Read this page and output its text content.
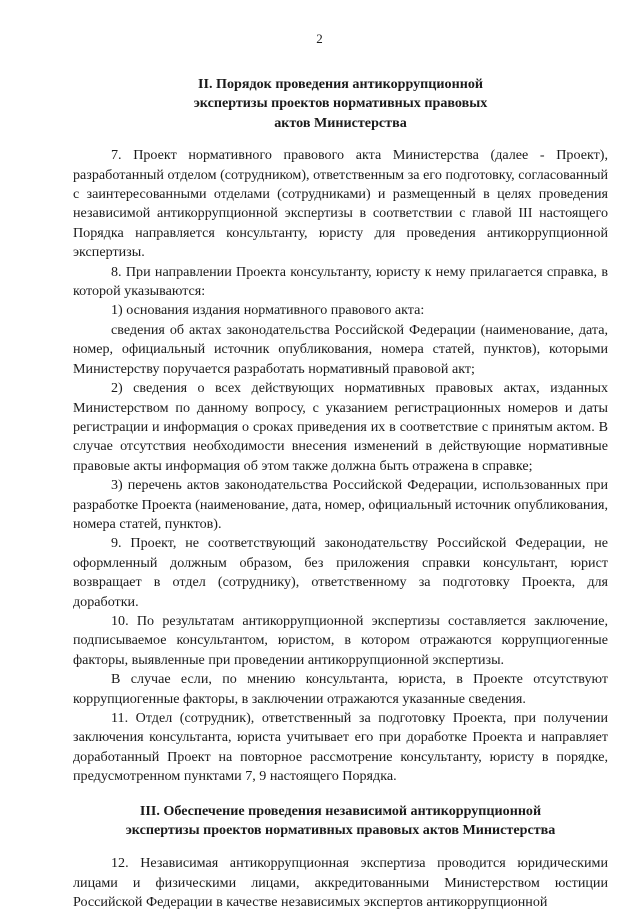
2
II. Порядок проведения антикоррупционной
экспертизы проектов нормативных правовых
актов Министерства

7. Проект нормативного правового акта Министерства (далее - Проект), разработанный отделом (сотрудником), ответственным за его подготовку, согласованный с заинтересованными отделами (сотрудниками) и размещенный в целях проведения независимой антикоррупционной экспертизы в соответствии с главой III настоящего Порядка направляется консультанту, юристу для проведения антикоррупционной экспертизы.

8. При направлении Проекта консультанту, юристу к нему прилагается справка, в которой указываются:

1) основания издания нормативного правового акта:

сведения об актах законодательства Российской Федерации (наименование, дата, номер, официальный источник опубликования, номера статей, пунктов), которыми Министерству поручается разработать нормативный правовой акт;

2) сведения о всех действующих нормативных правовых актах, изданных Министерством по данному вопросу, с указанием регистрационных номеров и даты регистрации и информация о сроках приведения их в соответствие с принятым актом. В случае отсутствия необходимости внесения изменений в действующие нормативные правовые акты информация об этом также должна быть отражена в справке;

3) перечень актов законодательства Российской Федерации, использованных при разработке Проекта (наименование, дата, номер, официальный источник опубликования, номера статей, пунктов).

9. Проект, не соответствующий законодательству Российской Федерации, не оформленный должным образом, без приложения справки консультант, юрист возвращает в отдел (сотруднику), ответственному за подготовку Проекта, для доработки.

10. По результатам антикоррупционной экспертизы составляется заключение, подписываемое консультантом, юристом, в котором отражаются коррупциогенные факторы, выявленные при проведении антикоррупционной экспертизы.

В случае если, по мнению консультанта, юриста, в Проекте отсутствуют коррупциогенные факторы, в заключении отражаются указанные сведения.

11. Отдел (сотрудник), ответственный за подготовку Проекта, при получении заключения консультанта, юриста учитывает его при доработке Проекта и направляет доработанный Проект на повторное рассмотрение консультанту, юристу в порядке, предусмотренном пунктами 7, 9 настоящего Порядка.

III. Обеспечение проведения независимой антикоррупционной
экспертизы проектов нормативных правовых актов Министерства

12. Независимая антикоррупционная экспертиза проводится юридическими лицами и физическими лицами, аккредитованными Министерством юстиции Российской Федерации в качестве независимых экспертов антикоррупционной
